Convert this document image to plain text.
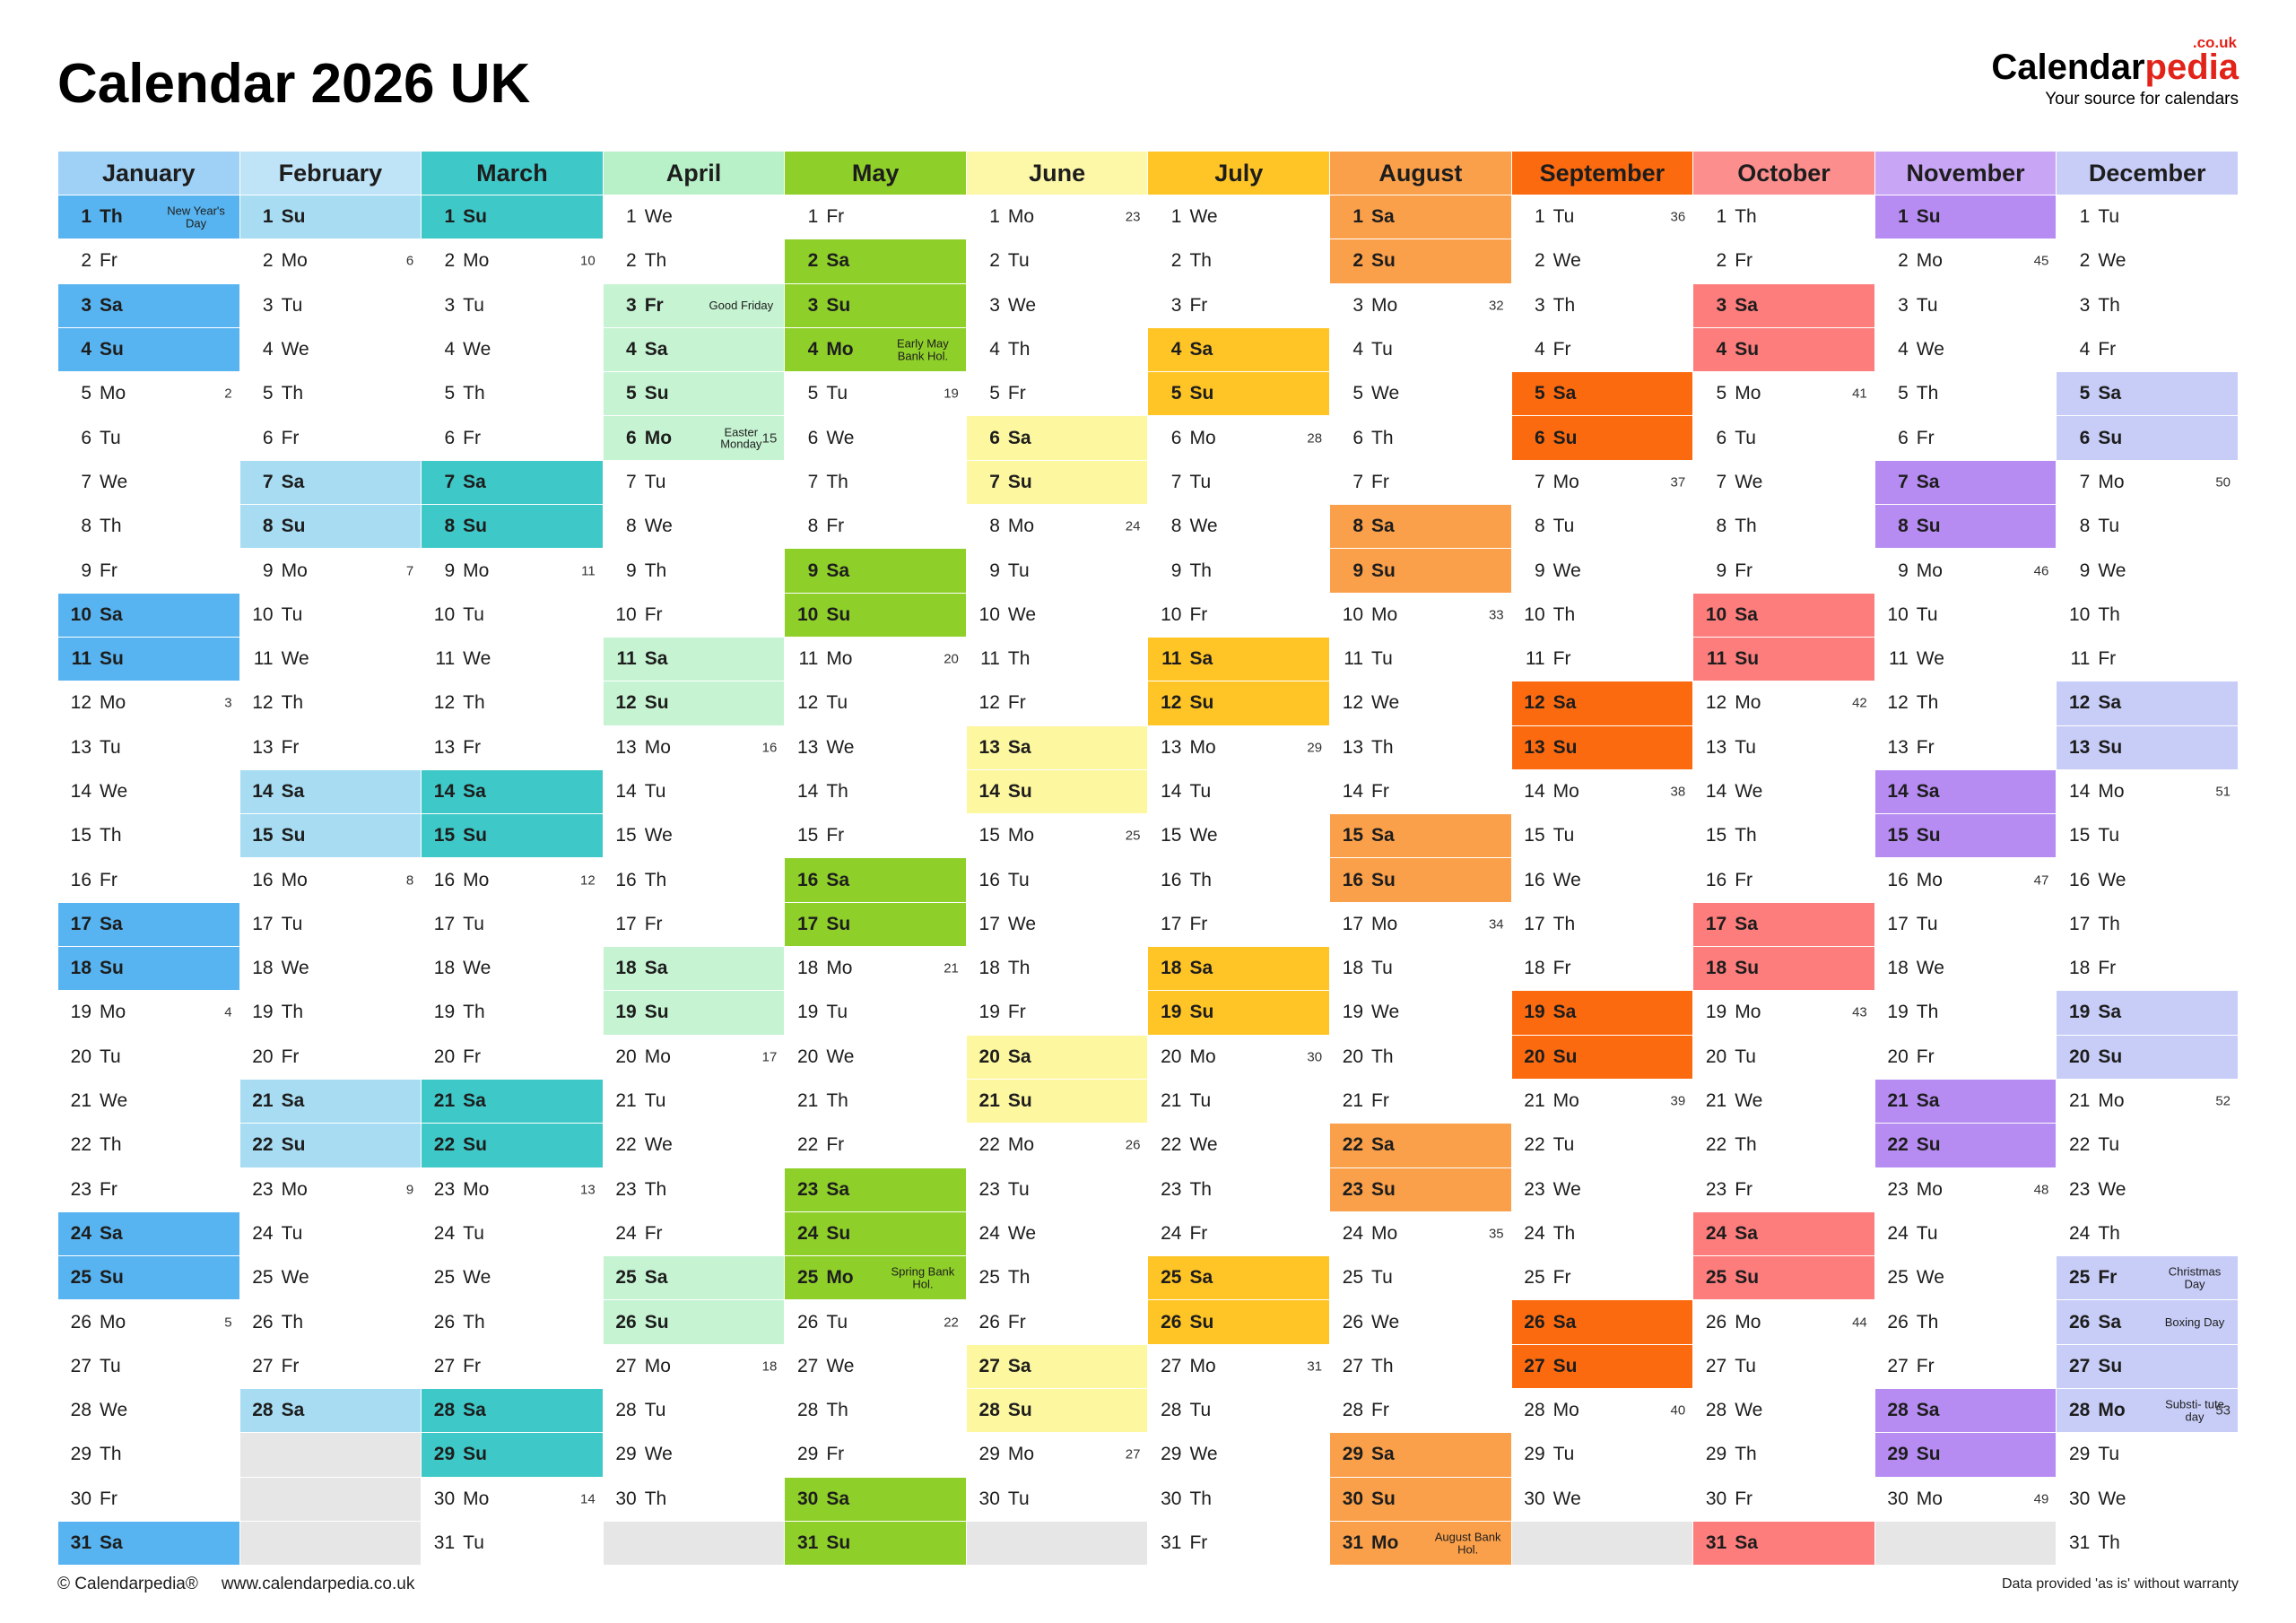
Calendar 2026 UK
.co.uk
Calendarpedia
Your source for calendars
January	February	March	April	May	June	July	August	September	October	November	December

1 Th New Year's Day	1 Su	1 Su	1 We	1 Fr	1 Mo 23	1 We	1 Sa	1 Tu 36	1 Th	1 Su	1 Tu

2 Fr	2 Mo 6	2 Mo 10	2 Th	2 Sa	2 Tu	2 Th	2 Su	2 We	2 Fr	2 Mo 45	2 We

3 Sa	3 Tu	3 Tu	3 Fr Good Friday	3 Su	3 We	3 Fr	3 Mo 32	3 Th	3 Sa	3 Tu	3 Th

4 Su	4 We	4 We	4 Sa	4 Mo Early May Bank Hol.	4 Th	4 Sa	4 Tu	4 Fr	4 Su	4 We	4 Fr

5 Mo 2	5 Th	5 Th	5 Su	5 Tu 19	5 Fr	5 Su	5 We	5 Sa	5 Mo 41	5 Th	5 Sa

6 Tu	6 Fr	6 Fr	6 Mo Easter Monday 15	6 We	6 Sa	6 Mo 28	6 Th	6 Su	6 Tu	6 Fr	6 Su

7 We	7 Sa	7 Sa	7 Tu	7 Th	7 Su	7 Tu	7 Fr	7 Mo 37	7 We	7 Sa	7 Mo 50

8 Th	8 Su	8 Su	8 We	8 Fr	8 Mo 24	8 We	8 Sa	8 Tu	8 Th	8 Su	8 Tu

9 Fr	9 Mo 7	9 Mo 11	9 Th	9 Sa	9 Tu	9 Th	9 Su	9 We	9 Fr	9 Mo 46	9 We

10 Sa	10 Tu	10 Tu	10 Fr	10 Su	10 We	10 Fr	10 Mo 33	10 Th	10 Sa	10 Tu	10 Th

11 Su	11 We	11 We	11 Sa	11 Mo 20	11 Th	11 Sa	11 Tu	11 Fr	11 Su	11 We	11 Fr

12 Mo 3	12 Th	12 Th	12 Su	12 Tu	12 Fr	12 Su	12 We	12 Sa	12 Mo 42	12 Th	12 Sa

13 Tu	13 Fr	13 Fr	13 Mo 16	13 We	13 Sa	13 Mo 29	13 Th	13 Su	13 Tu	13 Fr	13 Su

14 We	14 Sa	14 Sa	14 Tu	14 Th	14 Su	14 Tu	14 Fr	14 Mo 38	14 We	14 Sa	14 Mo 51

15 Th	15 Su	15 Su	15 We	15 Fr	15 Mo 25	15 We	15 Sa	15 Tu	15 Th	15 Su	15 Tu

16 Fr	16 Mo 8	16 Mo 12	16 Th	16 Sa	16 Tu	16 Th	16 Su	16 We	16 Fr	16 Mo 47	16 We

17 Sa	17 Tu	17 Tu	17 Fr	17 Su	17 We	17 Fr	17 Mo 34	17 Th	17 Sa	17 Tu	17 Th

18 Su	18 We	18 We	18 Sa	18 Mo 21	18 Th	18 Sa	18 Tu	18 Fr	18 Su	18 We	18 Fr

19 Mo 4	19 Th	19 Th	19 Su	19 Tu	19 Fr	19 Su	19 We	19 Sa	19 Mo 43	19 Th	19 Sa

20 Tu	20 Fr	20 Fr	20 Mo 17	20 We	20 Sa	20 Mo 30	20 Th	20 Su	20 Tu	20 Fr	20 Su

21 We	21 Sa	21 Sa	21 Tu	21 Th	21 Su	21 Tu	21 Fr	21 Mo 39	21 We	21 Sa	21 Mo 52

22 Th	22 Su	22 Su	22 We	22 Fr	22 Mo 26	22 We	22 Sa	22 Tu	22 Th	22 Su	22 Tu

23 Fr	23 Mo 9	23 Mo 13	23 Th	23 Sa	23 Tu	23 Th	23 Su	23 We	23 Fr	23 Mo 48	23 We

24 Sa	24 Tu	24 Tu	24 Fr	24 Su	24 We	24 Fr	24 Mo 35	24 Th	24 Sa	24 Tu	24 Th

25 Su	25 We	25 We	25 Sa	25 Mo Spring Bank Hol.	25 Th	25 Sa	25 Tu	25 Fr	25 Su	25 We	25 Fr Christmas Day

26 Mo 5	26 Th	26 Th	26 Su	26 Tu 22	26 Fr	26 Su	26 We	26 Sa	26 Mo 44	26 Th	26 Sa Boxing Day

27 Tu	27 Fr	27 Fr	27 Mo 18	27 We	27 Sa	27 Mo 31	27 Th	27 Su	27 Tu	27 Fr	27 Su

28 We	28 Sa	28 Sa	28 Tu	28 Th	28 Su	28 Tu	28 Fr	28 Mo 40	28 We	28 Sa	28 Mo Substi- tute day 53

29 Th		29 Su	29 We	29 Fr	29 Mo 27	29 We	29 Sa	29 Tu	29 Th	29 Su	29 Tu

30 Fr		30 Mo 14	30 Th	30 Sa	30 Tu	30 Th	30 Su	30 We	30 Fr	30 Mo 49	30 We

31 Sa		31 Tu		31 Su		31 Fr	31 Mo August Bank Hol.		31 Sa		31 Th
© Calendarpedia® www.calendarpedia.co.uk	Data provided 'as is' without warranty
